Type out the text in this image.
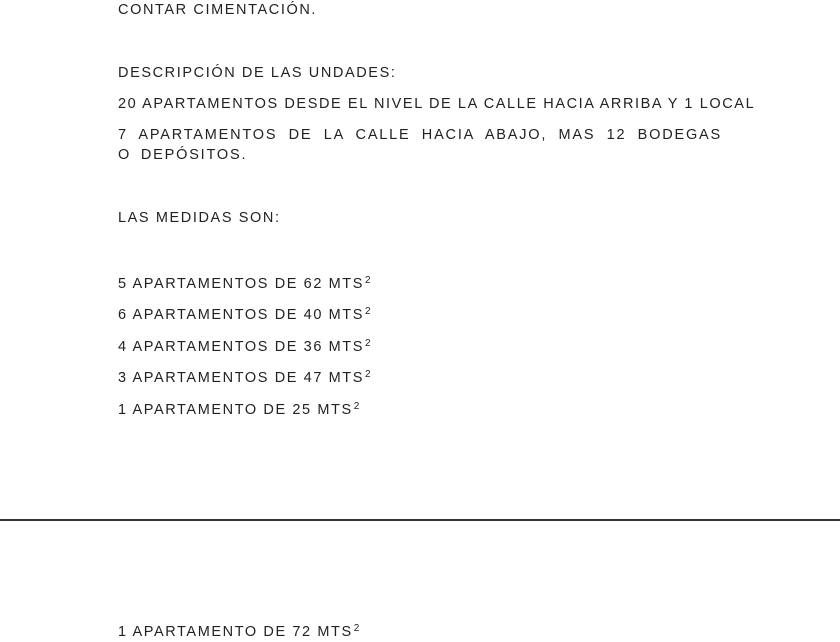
CONTAR CIMENTACIÓN.
DESCRIPCIÓN DE LAS UNDADES:
20 APARTAMENTOS DESDE EL NIVEL DE LA CALLE HACIA ARRIBA Y 1 LOCAL
7 APARTAMENTOS DE LA CALLE HACIA ABAJO, MAS 12 BODEGAS O DEPÓSITOS.
LAS MEDIDAS SON:
5 APARTAMENTOS DE 62 MTS$^2$
6 APARTAMENTOS DE 40 MTS$^2$
4 APARTAMENTOS DE 36 MTS$^2$
3 APARTAMENTOS DE 47 MTS$^2$
1 APARTAMENTO DE 25 MTS$^2$
1 APARTAMENTO DE 72 MTS$^2$
